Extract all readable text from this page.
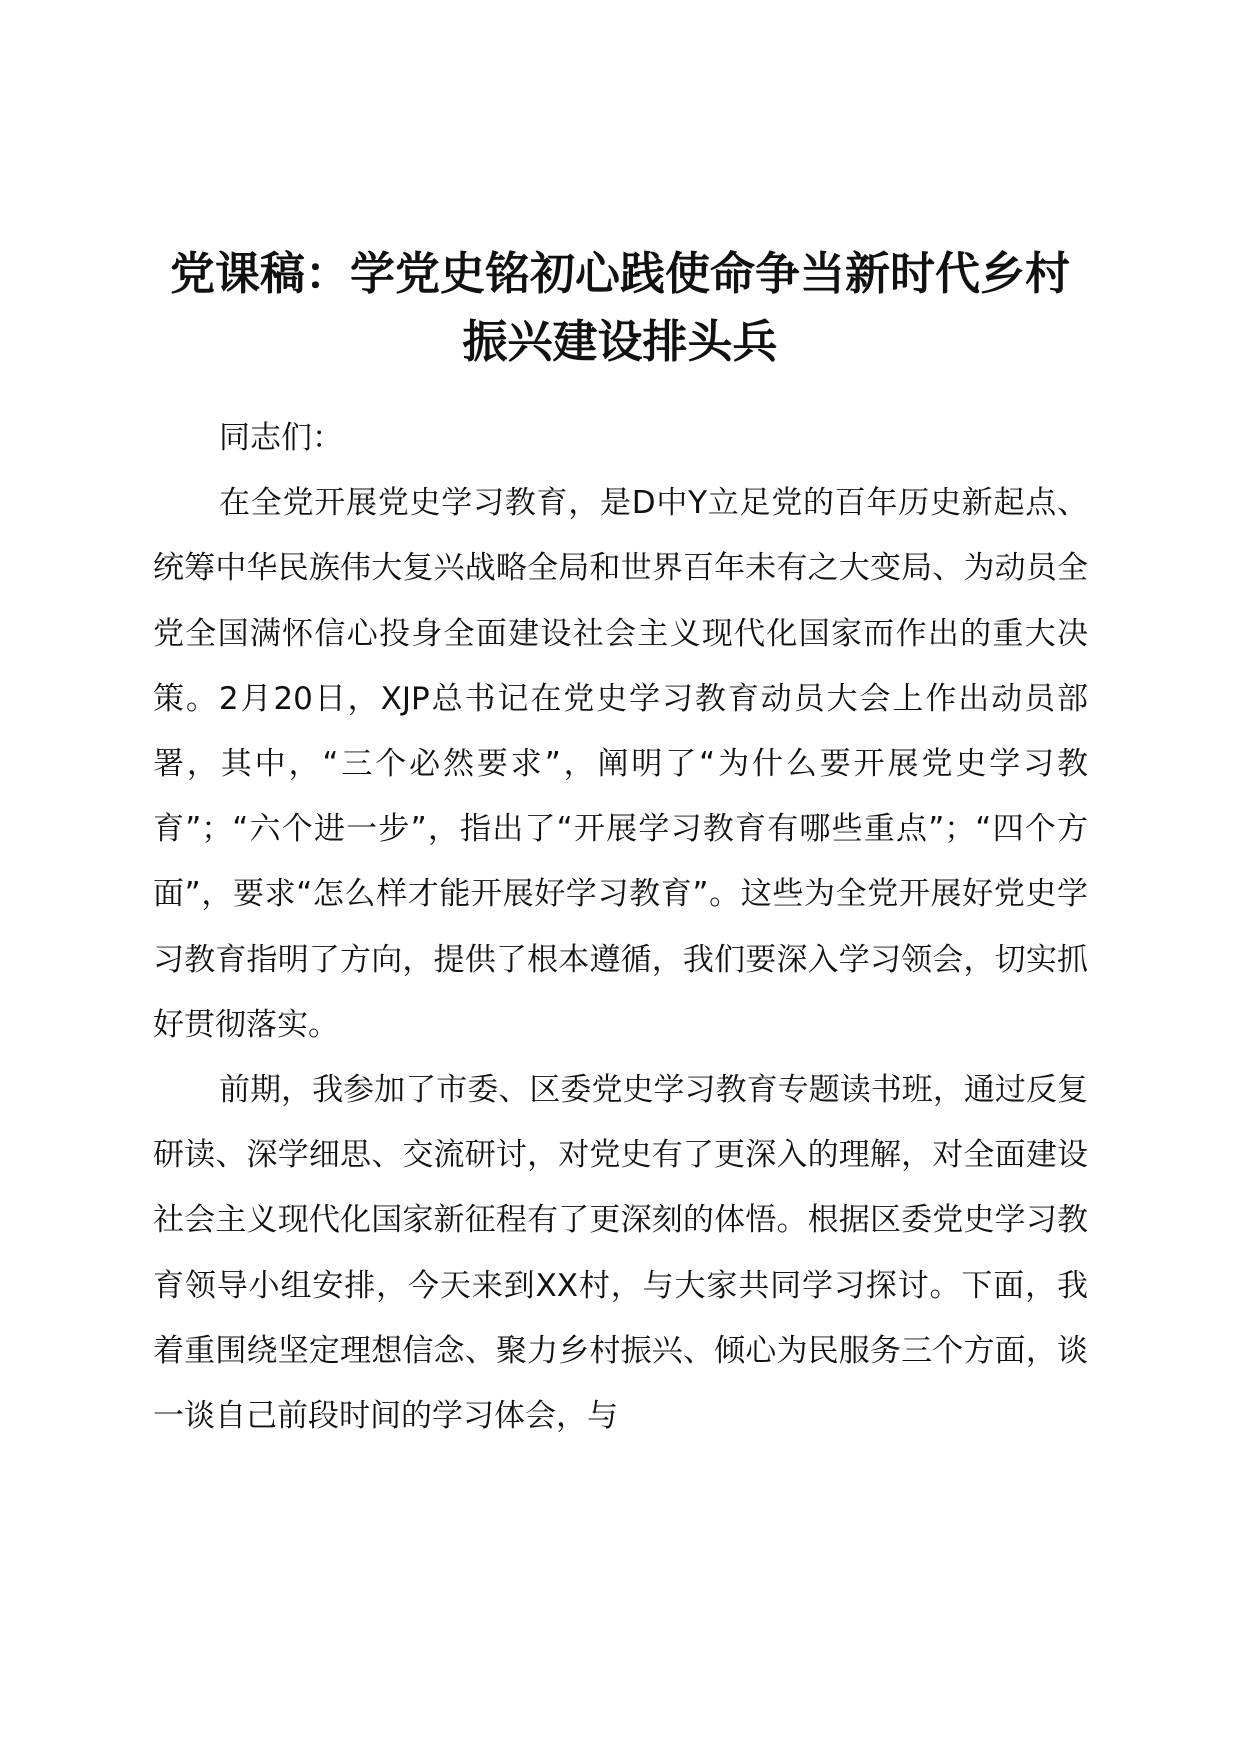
党课稿：学党史铭初心践使命争当新时代乡村振兴建设排头兵

同志们：

在全党开展党史学习教育，是D中Y立足党的百年历史新起点、统筹中华民族伟大复兴战略全局和世界百年未有之大变局、为动员全党全国满怀信心投身全面建设社会主义现代化国家而作出的重大决策。2月20日，XJP总书记在党史学习教育动员大会上作出动员部署，其中，“三个必然要求”，阐明了“为什么要开展党史学习教育”；“六个进一步”，指出了“开展学习教育有哪些重点”；“四个方面”，要求“怎么样才能开展好学习教育”。这些为全党开展好党史学习教育指明了方向，提供了根本遵循，我们要深入学习领会，切实抓好贯彻落实。

前期，我参加了市委、区委党史学习教育专题读书班，通过反复研读、深学细思、交流研讨，对党史有了更深入的理解，对全面建设社会主义现代化国家新征程有了更深刻的体悟。根据区委党史学习教育领导小组安排，今天来到XX村，与大家共同学习探讨。下面，我着重围绕坚定理想信念、聚力乡村振兴、倾心为民服务三个方面，谈一谈自己前段时间的学习体会，与
